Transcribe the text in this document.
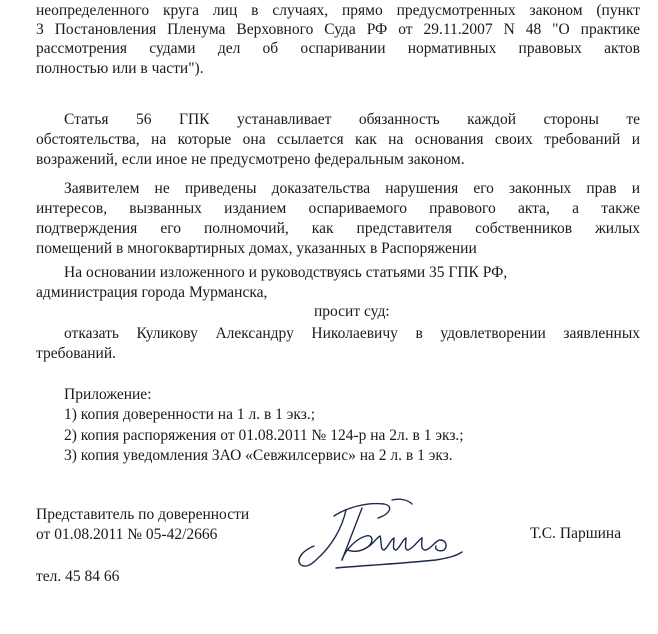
неопределенного круга лиц в случаях, прямо предусмотренных законом (пункт
3 Постановления Пленума Верховного Суда РФ от 29.11.2007 N 48 "О практике
рассмотрения судами дел об оспаривании нормативных правовых актов
полностью или в части").
Статья 56 ГПК устанавливает обязанность каждой стороны те
обстоятельства, на которые она ссылается как на основания своих требований и
возражений, если иное не предусмотрено федеральным законом.
Заявителем не приведены доказательства нарушения его законных прав и
интересов, вызванных изданием оспариваемого правового акта, а также
подтверждения его полномочий, как представителя собственников жилых
помещений в многоквартирных домах, указанных в Распоряжении
На основании изложенного и руководствуясь статьями 35 ГПК РФ,
администрация города Мурманска,
просит суд:
отказать Куликову Александру Николаевичу в удовлетворении заявленных
требований.
Приложение:
1) копия доверенности на 1 л. в 1 экз.;
2) копия распоряжения от 01.08.2011 № 124-р на 2л. в 1 экз.;
3) копия уведомления ЗАО «Севжилсервис» на 2 л. в 1 экз.
Представитель по доверенности
от 01.08.2011 № 05-42/2666	Т.С. Паршина
тел. 45 84 66
